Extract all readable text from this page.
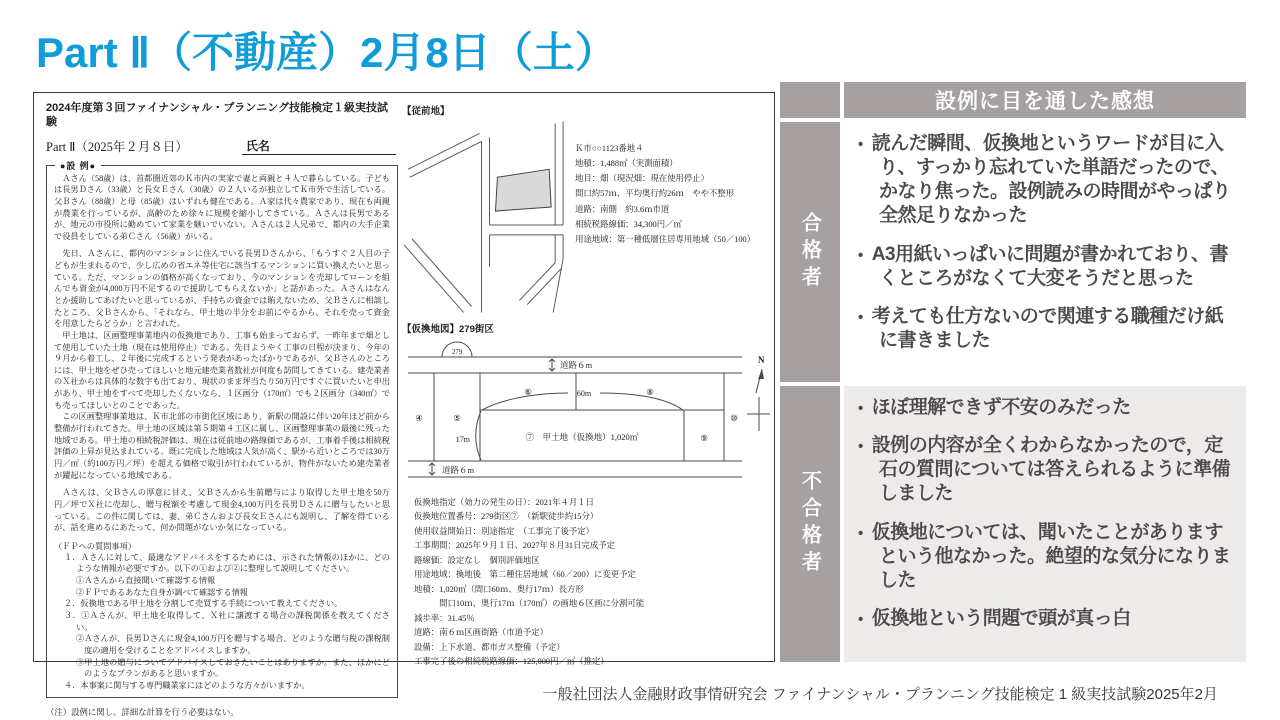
Part Ⅱ（不動産）2月8日（土）
2024年度第３回ファイナンシャル・プランニング技能検定１級実技試験
Part Ⅱ（2025年２月８日）	氏名
●設 例●
　Ａさん（58歳）は、首都圏近郊のＫ市内の実家で妻と両親と４人で暮らしている。子どもは長男Ｄさん（33歳）と長女Ｅさん（30歳）の２人いるが独立してＫ市外で生活している。父Ｂさん（88歳）と母（85歳）はいずれも健在である。Ａ家は代々農家であり、現在も両親が農業を行っているが、高齢のため徐々に規模を縮小してきている。Ａさんは長男であるが、地元の市役所に勤めていて家業を継いでいない。Ａさんは２人兄弟で、都内の大手企業で役員をしている弟Ｃさん（56歳）がいる。
　先日、Ａさんに、都内のマンションに住んでいる長男Ｄさんから、「もうすぐ２人目の子どもが生まれるので、少し広めの省エネ等住宅に該当するマンションに買い換えたいと思っている。ただ、マンションの価格が高くなっており、今のマンションを売却してローンを組んでも資金が4,000万円不足するので援助してもらえないか」と話があった。Ａさんはなんとか援助してあげたいと思っているが、手持ちの資金では賄えないため、父Ｂさんに相談したところ、父Ｂさんから、「それなら、甲土地の半分をお前にやるから、それを売って資金を用意したらどうか」と言われた。
　甲土地は、区画整理事業地内の仮換地であり、工事も始まっておらず、一昨年まで畑として使用していた土地（現在は使用停止）である。先日ようやく工事の日程が決まり、今年の９月から着工し、２年後に完成するという発表があったばかりであるが、父Ｂさんのところには、甲土地をぜひ売ってほしいと地元建売業者数社が何度も訪問してきている。建売業者のＸ社からは具体的な数字も出ており、現状のまま坪当たり50万円ですぐに買いたいと申出があり、甲土地をすべて売却したくないなら、１区画分（170㎡）でも２区画分（340㎡）でも売ってほしいとのことであった。
　この区画整理事業地は、Ｋ市北部の市街化区域にあり、新駅の開設に伴い20年ほど前から整備が行われてきた。甲土地の区域は第５期第４工区に属し、区画整理事業の最後に残った地域である。甲土地の相続税評価は、現在は従前地の路線価であるが、工事着手後は相続税評価の上昇が見込まれている。既に完成した地域は人気が高く、駅から近いところでは30万円／㎡（約100万円／坪）を超える価格で取引が行われているが、物件がないため建売業者が躍起になっている地域である。
　Ａさんは、父Ｂさんの厚意に甘え、父Ｂさんから生前贈与により取得した甲土地を50万円／坪でＸ社に売却し、贈与税額を考慮して現金4,100万円を長男Ｄさんに贈与したいと思っている。この件に関しては、妻、弟Ｃさんおよび長女Ｅさんにも説明し、了解を得ているが、話を進めるにあたって、何か問題がないか気になっている。
（ＦＰへの質問事項）
１．Ａさんに対して、最適なアドバイスをするためには、示された情報のほかに、どのような情報が必要ですか。以下の①および②に整理して説明してください。
①Ａさんから直接聞いて確認する情報
②ＦＰであるあなた自身が調べて確認する情報
２．仮換地である甲土地を分割して売買する手続について教えてください。
３．①Ａさんが、甲土地を取得して、Ｘ社に譲渡する場合の課税関係を教えてください。
②Ａさんが、長男Ｄさんに現金4,100万円を贈与する場合、どのような贈与税の課税制度の適用を受けることをアドバイスしますか。
③甲土地の贈与についてアドバイスしておきたいことはありますか。また、ほかにどのようなプランがあると思いますか。
４．本事案に関与する専門職業家にはどのような方々がいますか。
（注）設例に関し、詳細な計算を行う必要はない。
【従前地】
Ｋ市○○1123番地４
地積：1,488㎡（実測面積）
地目：畑（現況畑：現在使用停止）
間口約57ｍ、平均奥行約26ｍ　やや不整形
道路：南側　約3.6ｍ市道
相続税路線価：34,300円／㎡
用途地域：第一種低層住居専用地域（50／100）
【仮換地図】279街区
279
道路６m
道路６m
60m
17m
④	⑤
⑥	⑧
⑨
⑩
⑦　甲土地（仮換地）1,020㎡
N
仮換地指定（効力の発生の日）：2021年４月１日
仮換地位置番号：279街区⑦　（新駅徒歩約15分）
使用収益開始日：別途指定　（工事完了後予定）
工事期間：2025年９月１日、2027年８月31日完成予定
路線価：設定なし　個別評価地区
用途地域：換地後　第二種住居地域（60／200）に変更予定
地積：1,020㎡（間口60ｍ、奥行17ｍ）長方形
　　　間口10ｍ、奥行17ｍ（170㎡）の画地６区画に分割可能
減歩率：31.45％
道路：南６ｍ区画街路（市道予定）
設備：上下水道、都市ガス整備（予定）
工事完了後の相続税路線価：125,000円／㎡（推定）
設例に目を通した感想
合格者
• 読んだ瞬間、仮換地というワードが目に入り、すっかり忘れていた単語だったので、かなり焦った。設例読みの時間がやっぱり全然足りなかった
• A3用紙いっぱいに問題が書かれており、書くところがなくて大変そうだと思った
• 考えても仕方ないので関連する職種だけ紙に書きました
不合格者
• ほぼ理解できず不安のみだった
• 設例の内容が全くわからなかったので，定石の質問については答えられるように準備しました
• 仮換地については、聞いたことがありますという他なかった。絶望的な気分になりました
• 仮換地という問題で頭が真っ白
一般社団法人金融財政事情研究会 ファイナンシャル・プランニング技能検定 1 級実技試験2025年2月
